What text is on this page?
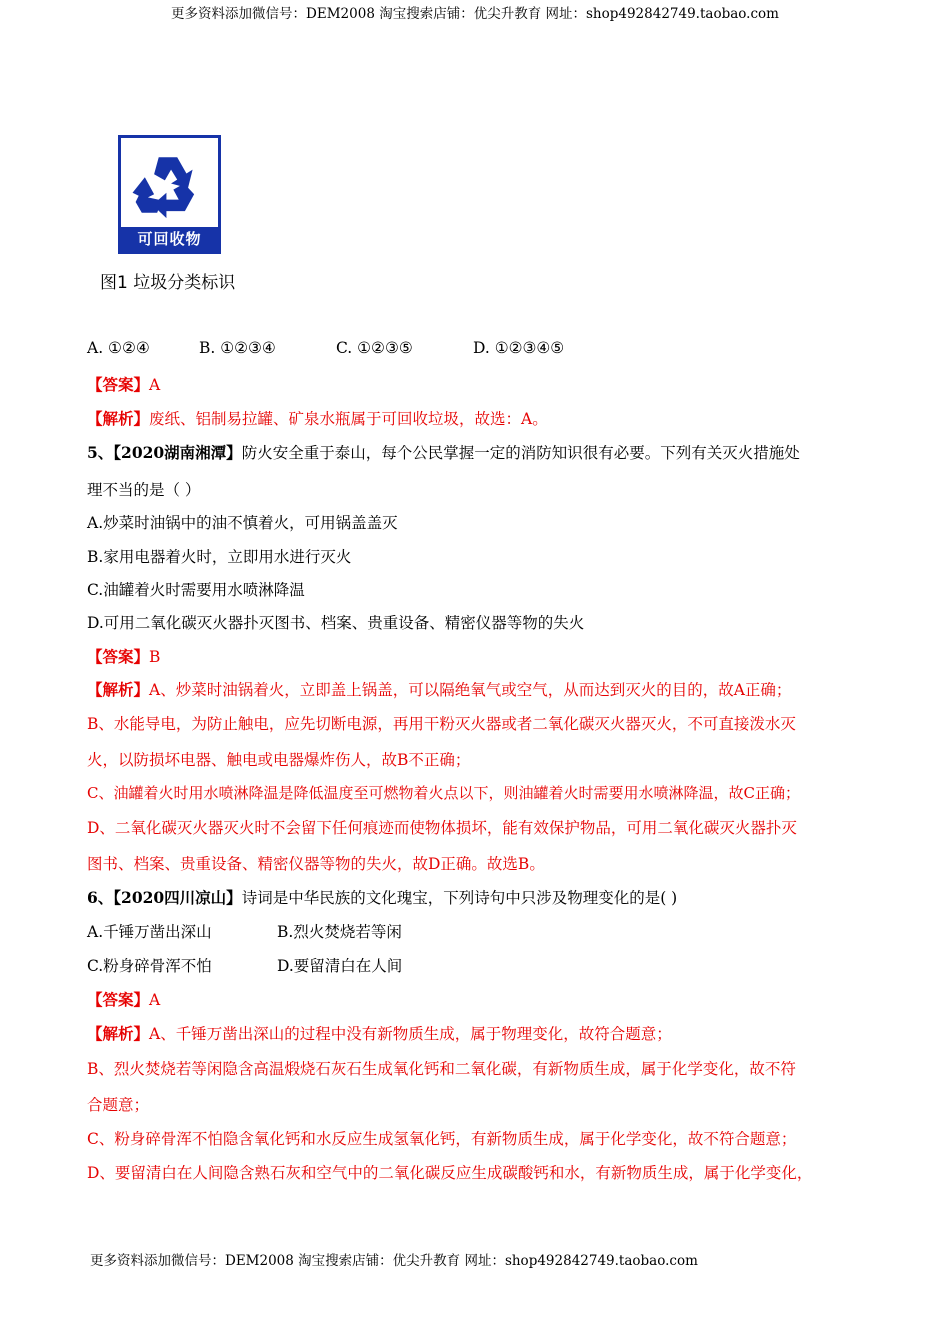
更多资料添加微信号：DEM2008 淘宝搜索店铺：优尖升教育 网址：shop492842749.taobao.com
可回收物
图1 垃圾分类标识
A. ①②④	B. ①②③④	C. ①②③⑤	D. ①②③④⑤
【答案】A
【解析】废纸、铝制易拉罐、矿泉水瓶属于可回收垃圾，故选：A。
5、【2020湖南湘潭】防火安全重于泰山，每个公民掌握一定的消防知识很有必要。下列有关灭火措施处
理不当的是（ ）
A.炒菜时油锅中的油不慎着火，可用锅盖盖灭
B.家用电器着火时，立即用水进行灭火
C.油罐着火时需要用水喷淋降温
D.可用二氧化碳灭火器扑灭图书、档案、贵重设备、精密仪器等物的失火
【答案】B
【解析】A、炒菜时油锅着火，立即盖上锅盖，可以隔绝氧气或空气，从而达到灭火的目的，故A正确；
B、水能导电，为防止触电，应先切断电源，再用干粉灭火器或者二氧化碳灭火器灭火，不可直接泼水灭
火，以防损坏电器、触电或电器爆炸伤人，故B不正确；
C、油罐着火时用水喷淋降温是降低温度至可燃物着火点以下，则油罐着火时需要用水喷淋降温，故C正确；
D、二氧化碳灭火器灭火时不会留下任何痕迹而使物体损坏，能有效保护物品，可用二氧化碳灭火器扑灭
图书、档案、贵重设备、精密仪器等物的失火，故D正确。故选B。
6、【2020四川凉山】诗词是中华民族的文化瑰宝，下列诗句中只涉及物理变化的是( )
A.千锤万凿出深山	B.烈火焚烧若等闲
C.粉身碎骨浑不怕	D.要留清白在人间
【答案】A
【解析】A、千锤万凿出深山的过程中没有新物质生成，属于物理变化，故符合题意；
B、烈火焚烧若等闲隐含高温煅烧石灰石生成氧化钙和二氧化碳，有新物质生成，属于化学变化，故不符
合题意；
C、粉身碎骨浑不怕隐含氧化钙和水反应生成氢氧化钙，有新物质生成，属于化学变化，故不符合题意；
D、要留清白在人间隐含熟石灰和空气中的二氧化碳反应生成碳酸钙和水，有新物质生成，属于化学变化，
更多资料添加微信号：DEM2008 淘宝搜索店铺：优尖升教育 网址：shop492842749.taobao.com
